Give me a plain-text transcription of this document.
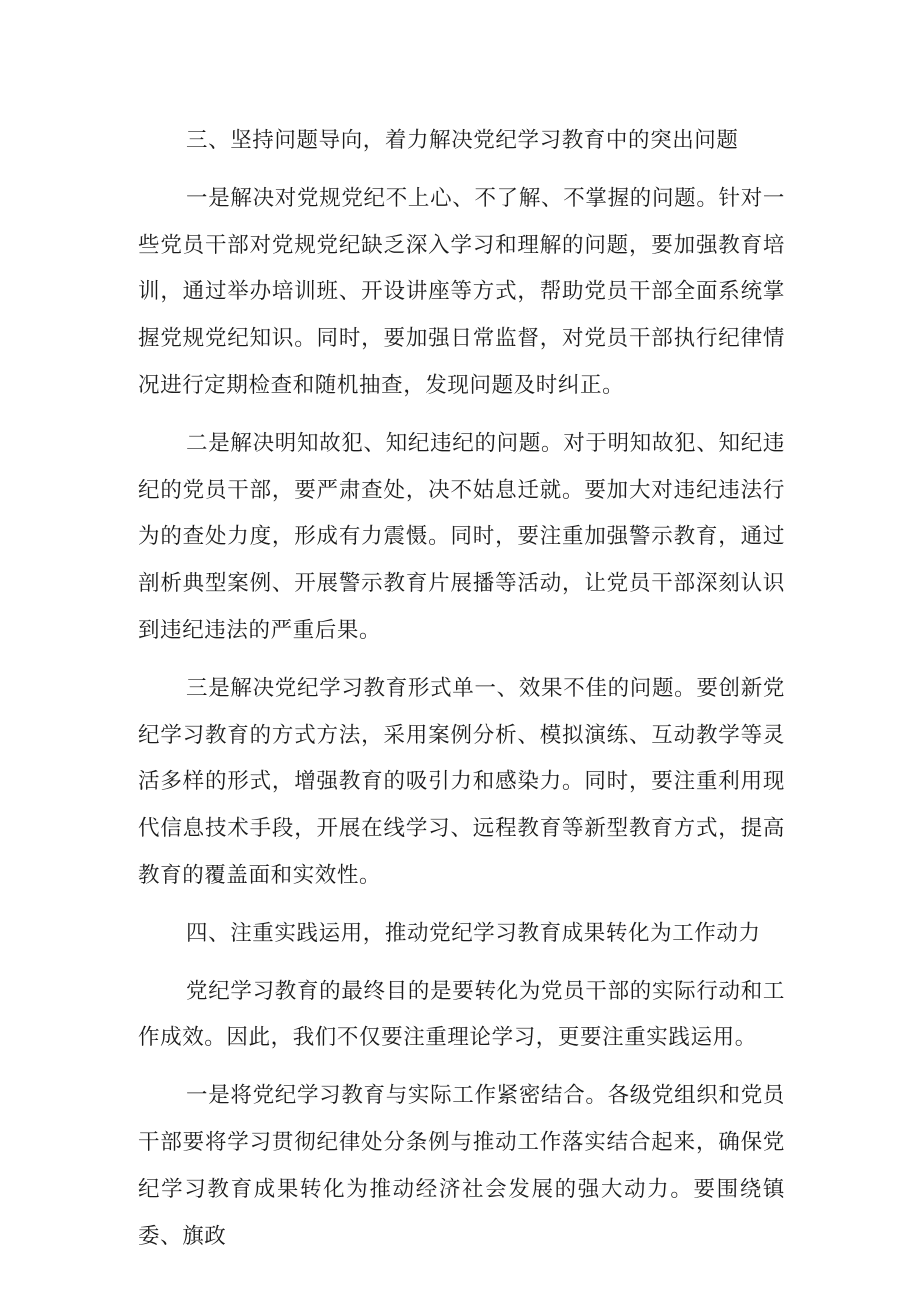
三、坚持问题导向，着力解决党纪学习教育中的突出问题

一是解决对党规党纪不上心、不了解、不掌握的问题。针对一些党员干部对党规党纪缺乏深入学习和理解的问题，要加强教育培训，通过举办培训班、开设讲座等方式，帮助党员干部全面系统掌握党规党纪知识。同时，要加强日常监督，对党员干部执行纪律情况进行定期检查和随机抽查，发现问题及时纠正。

二是解决明知故犯、知纪违纪的问题。对于明知故犯、知纪违纪的党员干部，要严肃查处，决不姑息迁就。要加大对违纪违法行为的查处力度，形成有力震慑。同时，要注重加强警示教育，通过剖析典型案例、开展警示教育片展播等活动，让党员干部深刻认识到违纪违法的严重后果。

三是解决党纪学习教育形式单一、效果不佳的问题。要创新党纪学习教育的方式方法，采用案例分析、模拟演练、互动教学等灵活多样的形式，增强教育的吸引力和感染力。同时，要注重利用现代信息技术手段，开展在线学习、远程教育等新型教育方式，提高教育的覆盖面和实效性。

四、注重实践运用，推动党纪学习教育成果转化为工作动力

党纪学习教育的最终目的是要转化为党员干部的实际行动和工作成效。因此，我们不仅要注重理论学习，更要注重实践运用。

一是将党纪学习教育与实际工作紧密结合。各级党组织和党员干部要将学习贯彻纪律处分条例与推动工作落实结合起来，确保党纪学习教育成果转化为推动经济社会发展的强大动力。要围绕镇委、旗政
